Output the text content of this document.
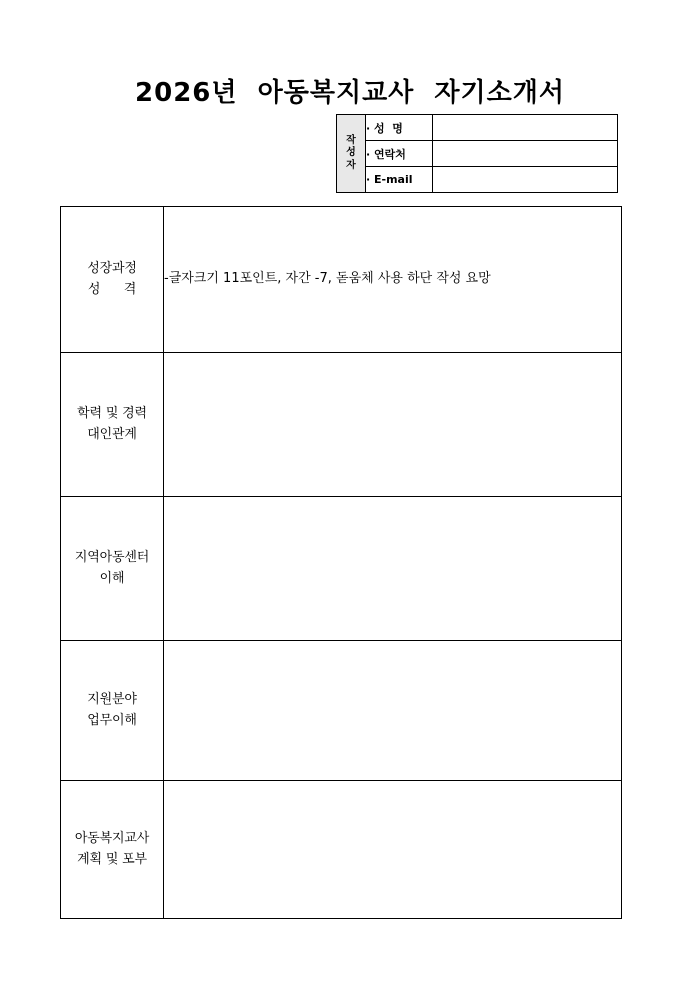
2026년  아동복지교사  자기소개서
작
성
자	· 성  명	
	· 연락처	
	· E-mail	
성장과정
성      격	-글자크기 11포인트, 자간 -7, 돋움체 사용 하단 작성 요망

학력 및 경력
대인관계	

지역아동센터
이해	

지원분야
업무이해	

아동복지교사
계획 및 포부	
